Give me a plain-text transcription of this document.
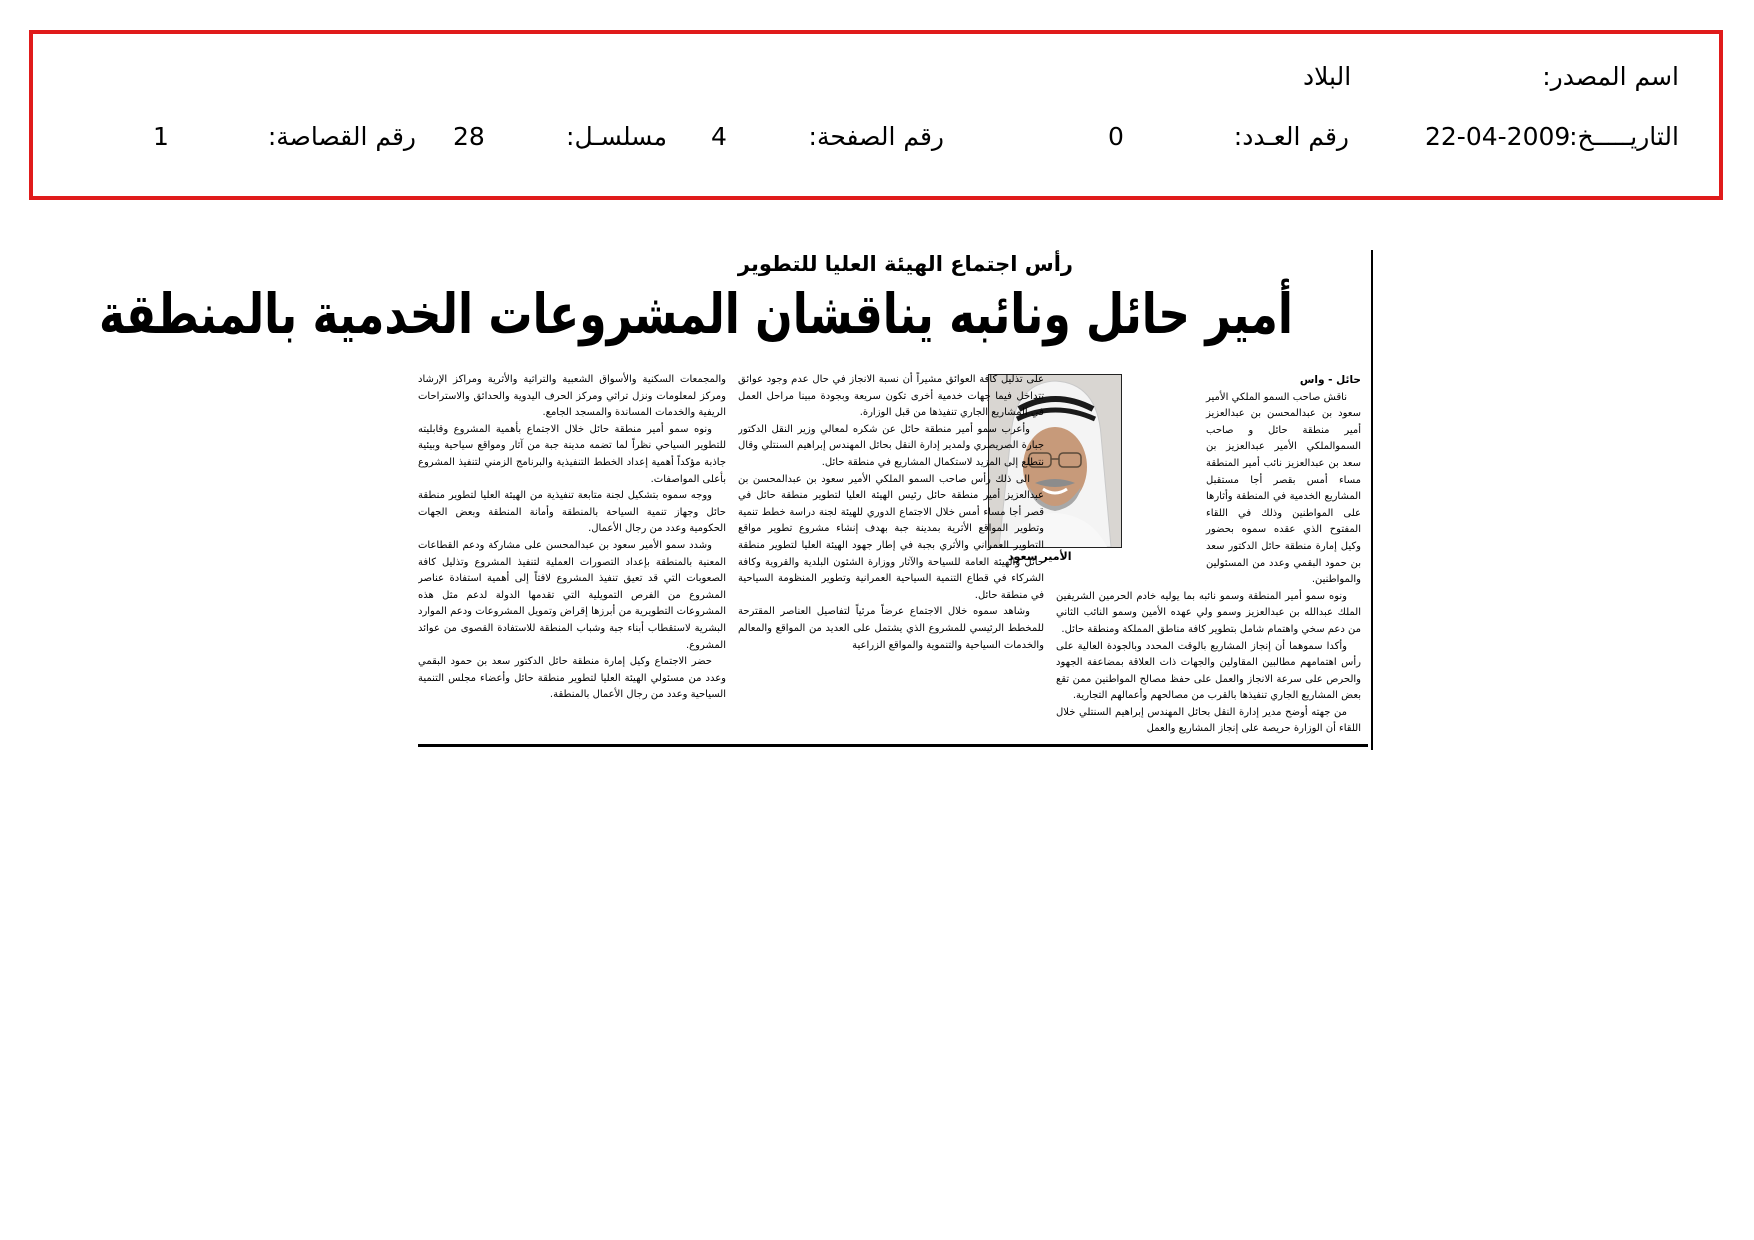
اسم المصدر:
البلاد
التاريـــــخ:
22-04-2009
رقم العـدد:
0
رقم الصفحة:
4
مسلسـل:
28
رقم القصاصة:
1
رأس اجتماع الهيئة العليا للتطوير
أمير حائل ونائبه يناقشان المشروعات الخدمية بالمنطقة

حائل - واس

ناقش صاحب السمو الملكي الأمير سعود بن عبدالمحسن بن عبدالعزيز أمير منطقة حائل و صاحب السموالملكي الأمير عبدالعزيز بن سعد بن عبدالعزيز نائب أمير المنطقة مساء أمس بقصر أجا مستقبل المشاريع الخدمية في المنطقة وأثارها على المواطنين وذلك في اللقاء المفتوح الذي عقده سموه بحضور وكيل إمارة منطقة حائل الدكتور سعد بن حمود البقمي وعدد من المسئولين والمواطنين.

ونوه سمو أمير المنطقة وسمو نائبه بما يوليه خادم الحرمين الشريفين الملك عبدالله بن عبدالعزيز وسمو ولي عهده الأمين وسمو النائب الثاني من دعم سخي واهتمام شامل بتطوير كافة مناطق المملكة ومنطقة حائل.

وأكدا سموهما أن إنجاز المشاريع بالوقت المحدد وبالجودة العالية على رأس اهتمامهم مطالبين المقاولين والجهات ذات العلاقة بمضاعفة الجهود والحرص على سرعة الانجاز والعمل على حفظ مصالح المواطنين ممن تقع بعض المشاريع الجاري تنفيذها بالقرب من مصالحهم وأعمالهم التجارية.

من جهته أوضح مدير إدارة النقل بحائل المهندس إبراهيم السنتلي خلال اللقاء أن الوزارة حريصة على إنجاز المشاريع والعمل

الأمير سعود

على تذليل كافة العوائق مشيراً أن نسبة الانجاز في حال عدم وجود عوائق تتداخل فيما جهات خدمية أخرى تكون سريعة وبجودة مبينا مراحل العمل في المشاريع الجاري تنفيذها من قبل الوزارة.

وأعرب سمو أمير منطقة حائل عن شكره لمعالي وزير النقل الدكتور جبارة الصريصري ولمدير إدارة النقل بحائل المهندس إبراهيم السنتلي وقال نتطلع إلى المزيد لاستكمال المشاريع في منطقة حائل.

الى ذلك رأس صاحب السمو الملكي الأمير سعود بن عبدالمحسن بن عبدالعزيز أمير منطقة حائل رئيس الهيئة العليا لتطوير منطقة حائل في قصر أجا مساء أمس خلال الاجتماع الدوري للهيئة لجنة دراسة خطط تنمية وتطوير المواقع الأثرية بمدينة جبة بهدف إنشاء مشروع تطوير مواقع التطوير العمراني والأثري بجبة في إطار جهود الهيئة العليا لتطوير منطقة حائل والهيئة العامة للسياحة والآثار ووزارة الشئون البلدية والقروية وكافة الشركاء في قطاع التنمية السياحية العمرانية وتطوير المنظومة السياحية في منطقة حائل.

وشاهد سموه خلال الاجتماع عرضاً مرئياً لتفاصيل العناصر المقترحة للمخطط الرئيسي للمشروع الذي يشتمل على العديد من المواقع والمعالم والخدمات السياحية والتنموية والمواقع الزراعية

والمجمعات السكنية والأسواق الشعبية والتراثية والأثرية ومراكز الإرشاد ومركز لمعلومات ونزل تراثي ومركز الحرف اليدوية والحدائق والاستراحات الريفية والخدمات المساندة والمسجد الجامع.

ونوه سمو أمير منطقة حائل خلال الاجتماع بأهمية المشروع وقابليته للتطوير السياحي نظراً لما تضمه مدينة جبة من آثار ومواقع سياحية وبيئية جاذبة مؤكداً أهمية إعداد الخطط التنفيذية والبرنامج الزمني لتنفيذ المشروع بأعلى المواصفات.

ووجه سموه بتشكيل لجنة متابعة تنفيذية من الهيئة العليا لتطوير منطقة حائل وجهاز تنمية السياحة بالمنطقة وأمانة المنطقة وبعض الجهات الحكومية وعدد من رجال الأعمال.

وشدد سمو الأمير سعود بن عبدالمحسن على مشاركة ودعم القطاعات المعنية بالمنطقة بإعداد التصورات العملية لتنفيذ المشروع وتذليل كافة الصعوبات التي قد تعيق تنفيذ المشروع لافتاً إلى أهمية استفادة عناصر المشروع من الفرص التمويلية التي تقدمها الدولة لدعم مثل هذه المشروعات التطويرية من أبرزها إقراض وتمويل المشروعات ودعم الموارد البشرية لاستقطاب أبناء جبة وشباب المنطقة للاستفادة القصوى من عوائد المشروع.

حضر الاجتماع وكيل إمارة منطقة حائل الدكتور سعد بن حمود البقمي وعدد من مسئولي الهيئة العليا لتطوير منطقة حائل وأعضاء مجلس التنمية السياحية وعدد من رجال الأعمال بالمنطقة.
